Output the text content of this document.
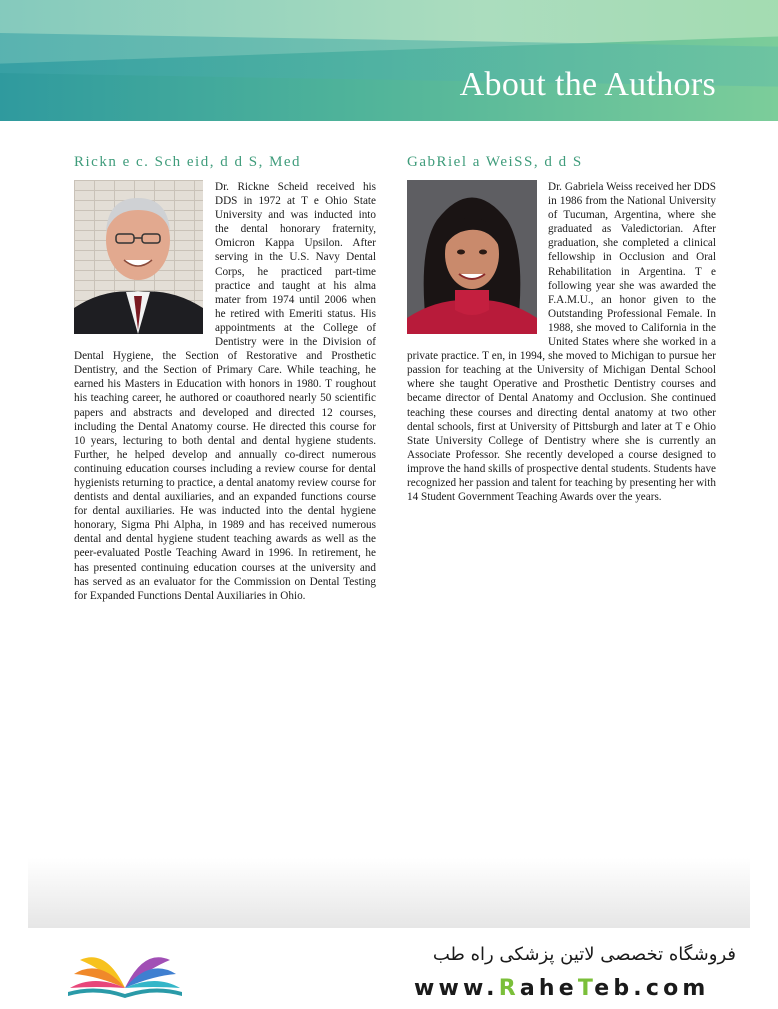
About the Authors
Rickn e c. Sch eid, d d S, Med
Dr. Rickne Scheid received his DDS in 1972 at T e Ohio State University and was inducted into the dental honorary fraternity, Omicron Kappa Upsilon. After serving in the U.S. Navy Dental Corps, he practiced part-time practice and taught at his alma mater from 1974 until 2006 when he retired with Emeriti status. His appointments at the College of Dentistry were in the Division of Dental Hygiene, the Section of Restorative and Prosthetic Dentistry, and the Section of Primary Care. While teaching, he earned his Masters in Education with honors in 1980. T roughout his teaching career, he authored or coauthored nearly 50 scientific papers and abstracts and developed and directed 12 courses, including the Dental Anatomy course. He directed this course for 10 years, lecturing to both dental and dental hygiene students. Further, he helped develop and annually co-direct numerous continuing education courses including a review course for dental hygienists returning to practice, a dental anatomy review course for dentists and dental auxiliaries, and an expanded functions course for dental auxiliaries. He was inducted into the dental hygiene honorary, Sigma Phi Alpha, in 1989 and has received numerous dental and dental hygiene student teaching awards as well as the peer-evaluated Postle Teaching Award in 1996. In retirement, he has presented continuing education courses at the university and has served as an evaluator for the Commission on Dental Testing for Expanded Functions Dental Auxiliaries in Ohio.
GabRiel a WeiSS, d d S
Dr. Gabriela Weiss received her DDS in 1986 from the National University of Tucuman, Argentina, where she graduated as Valedictorian. After graduation, she completed a clinical fellowship in Occlusion and Oral Rehabilitation in Argentina. T e following year she was awarded the F.A.M.U., an honor given to the Outstanding Professional Female. In 1988, she moved to California in the United States where she worked in a private practice. T en, in 1994, she moved to Michigan to pursue her passion for teaching at the University of Michigan Dental School where she taught Operative and Prosthetic Dentistry courses and became director of Dental Anatomy and Occlusion. She continued teaching these courses and directing dental anatomy at two other dental schools, first at University of Pittsburgh and later at T e Ohio State University College of Dentistry where she is currently an Associate Professor. She recently developed a course designed to improve the hand skills of prospective dental students. Students have recognized her passion and talent for teaching by presenting her with 14 Student Government Teaching Awards over the years.
فروشگاه تخصصی لاتین پزشکی راه طب
www.RaheTeb.com
